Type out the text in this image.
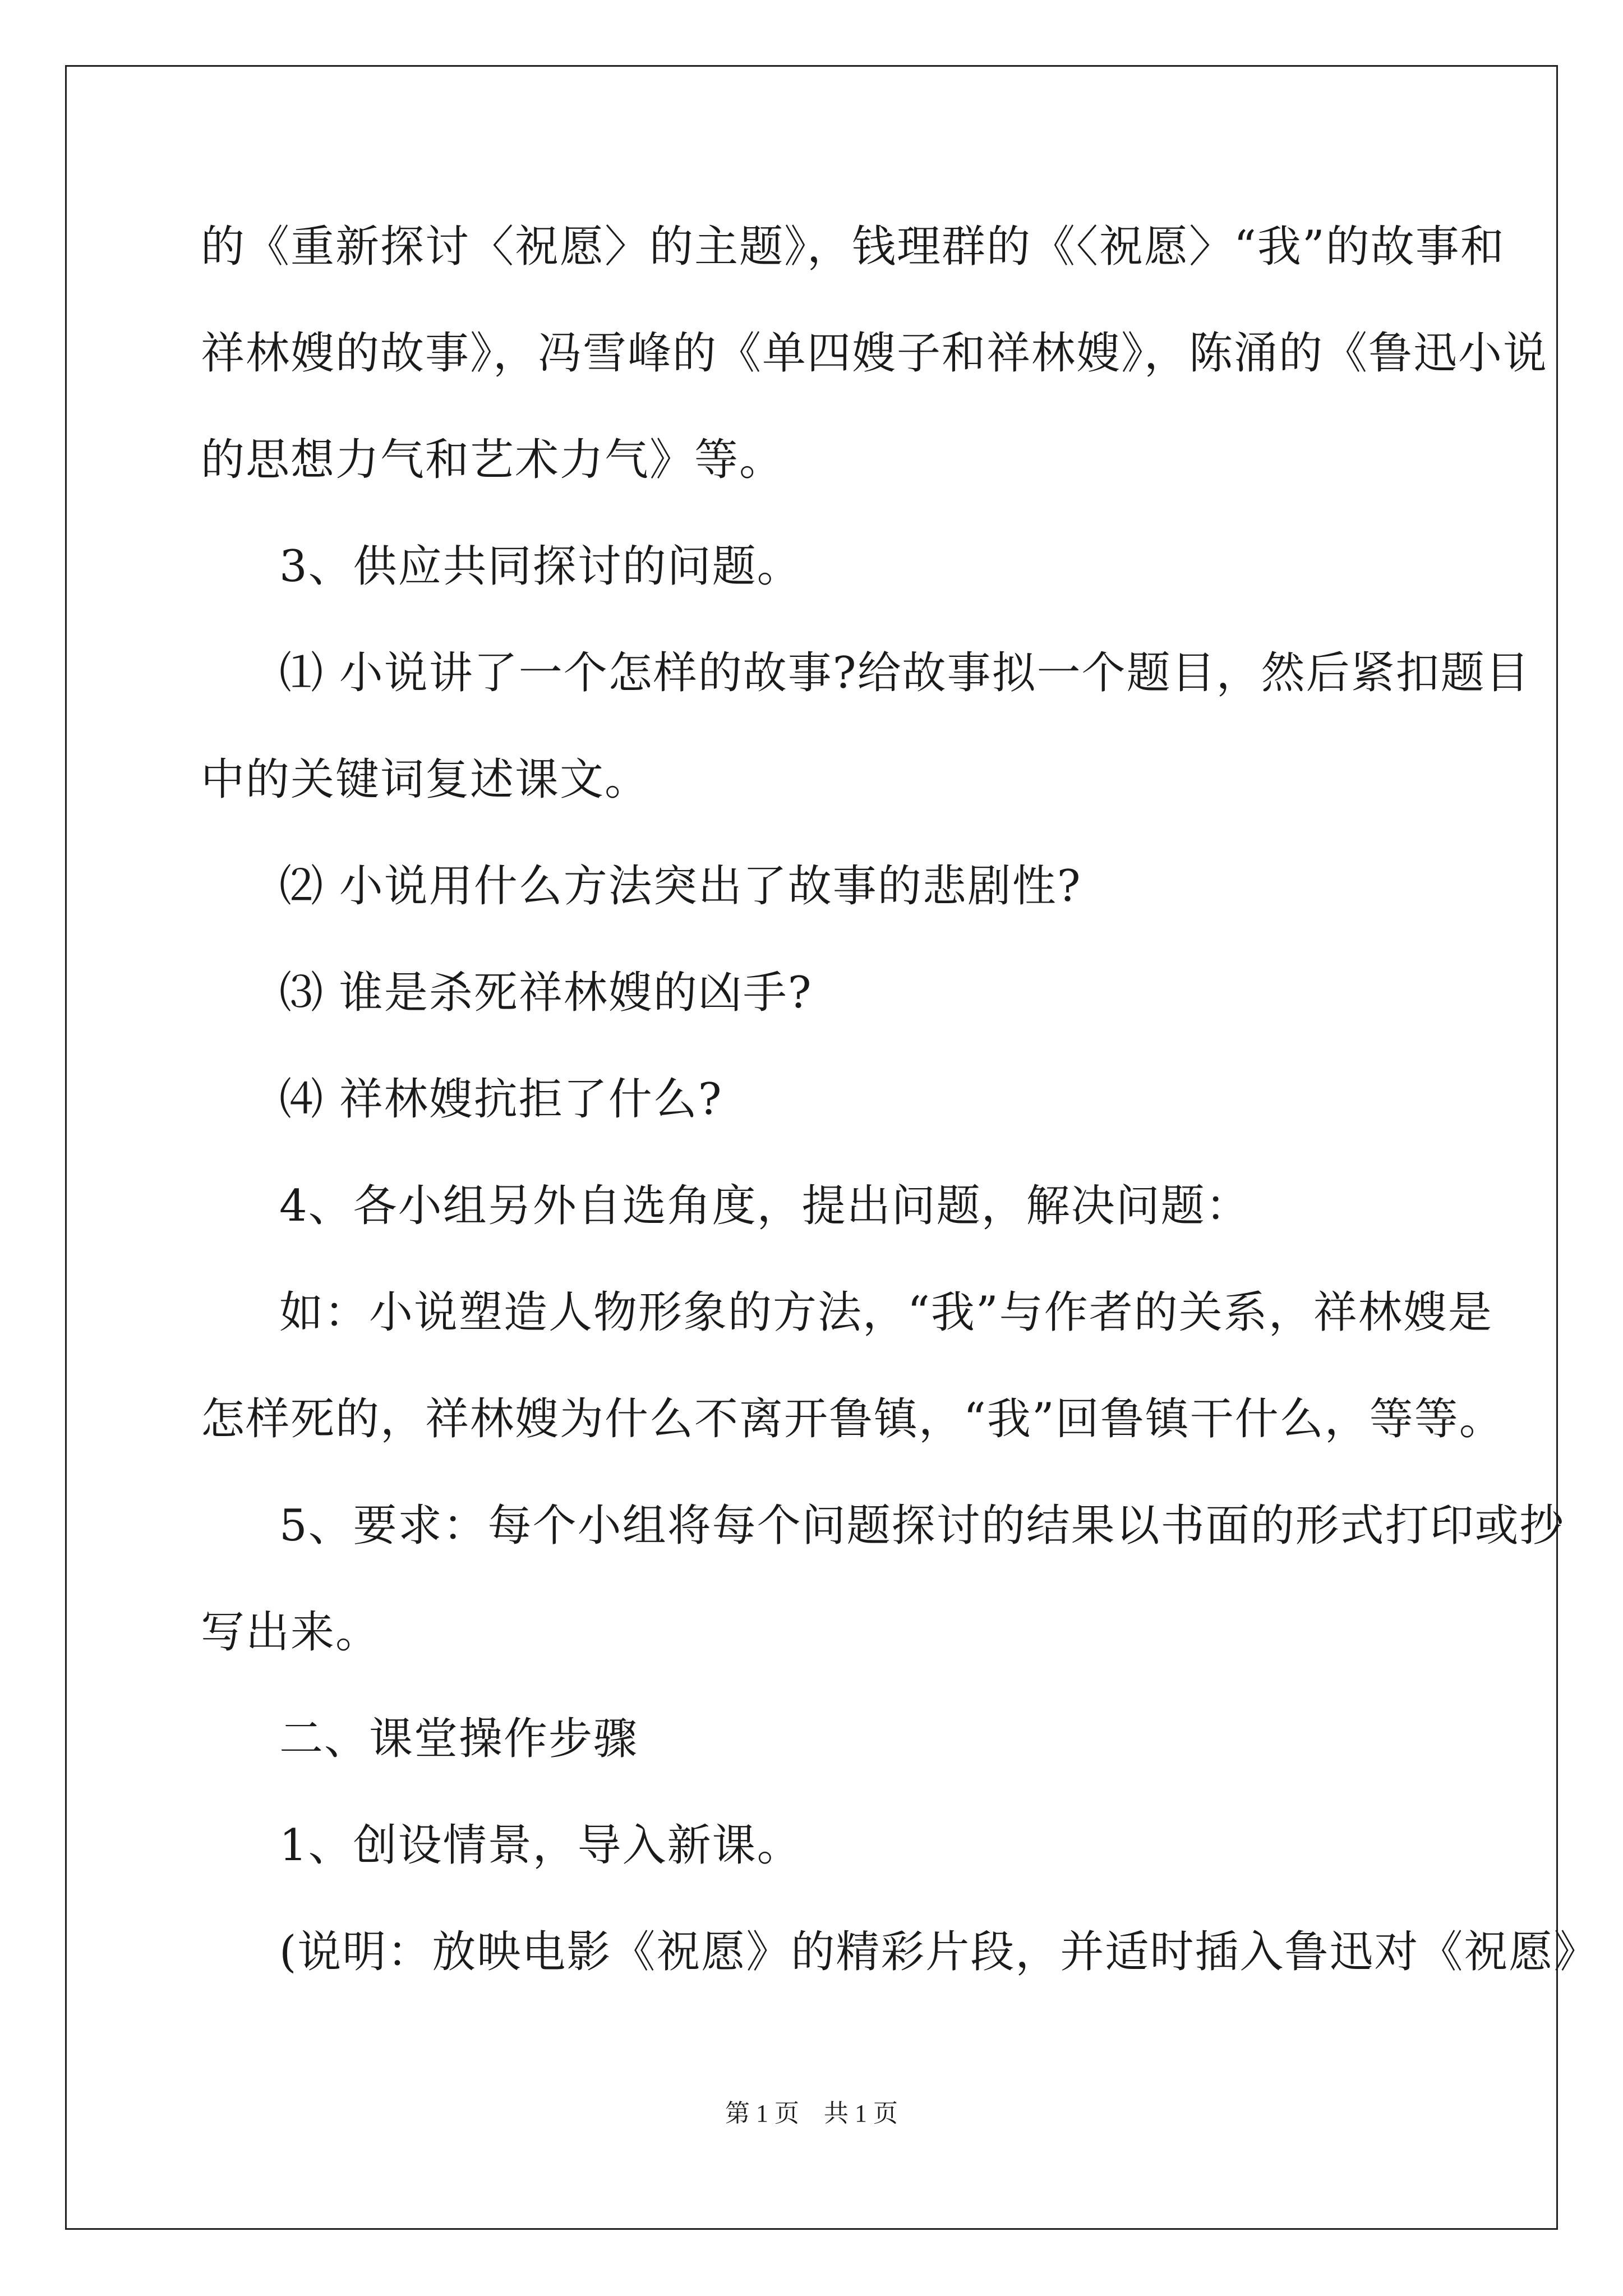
的《重新探讨〈祝愿〉的主题》，钱理群的《〈祝愿〉“我”的故事和
祥林嫂的故事》，冯雪峰的《单四嫂子和祥林嫂》，陈涌的《鲁迅小说
的思想力气和艺术力气》等。
3、供应共同探讨的问题。
⑴ 小说讲了一个怎样的故事?给故事拟一个题目，然后紧扣题目
中的关键词复述课文。
⑵ 小说用什么方法突出了故事的悲剧性?
⑶ 谁是杀死祥林嫂的凶手?
⑷ 祥林嫂抗拒了什么?
4、各小组另外自选角度，提出问题，解决问题：
如：小说塑造人物形象的方法，“我”与作者的关系，祥林嫂是
怎样死的，祥林嫂为什么不离开鲁镇，“我”回鲁镇干什么，等等。
5、要求：每个小组将每个问题探讨的结果以书面的形式打印或抄
写出来。
二、课堂操作步骤
1、创设情景，导入新课。
(说明：放映电影《祝愿》的精彩片段，并适时插入鲁迅对《祝愿》
第 1 页　共 1 页
